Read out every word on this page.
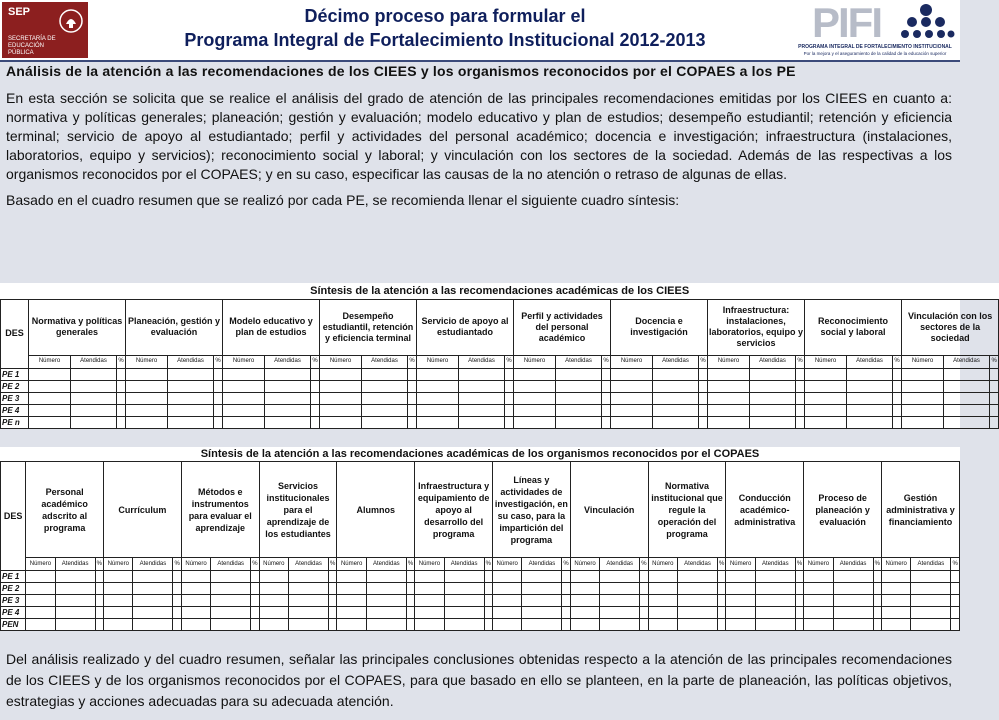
SEP
SECRETARÍA DE EDUCACIÓN PÚBLICA
Décimo proceso para formular el
Programa Integral de Fortalecimiento Institucional 2012-2013	PIFI
PROGRAMA INTEGRAL DE FORTALECIMIENTO INSTITUCIONAL
Por la mejora y el aseguramiento de la calidad de la educación superior
Análisis de la atención a las recomendaciones de los CIEES y los organismos reconocidos por el COPAES a los PE
En esta sección se solicita que se realice el análisis del grado de atención de las principales recomendaciones emitidas por los CIEES en cuanto a: normativa y políticas generales; planeación; gestión y evaluación; modelo educativo y plan de estudios; desempeño estudiantil; retención y eficiencia terminal; servicio de apoyo al estudiantado; perfil y actividades del personal académico; docencia e investigación; infraestructura (instalaciones, laboratorios, equipo y servicios); reconocimiento social y laboral; y vinculación con los sectores de la sociedad. Además de las respectivas a los organismos reconocidos por el COPAES; y en su caso, especificar las causas de la no atención o retraso de algunas de ellas.
Basado en el cuadro resumen que se realizó por cada PE, se recomienda llenar el siguiente cuadro síntesis:
Síntesis de la atención a las recomendaciones académicas de los CIEES																														
DES	Normativa y políticas generales			Planeación, gestión y evaluación			Modelo educativo y plan de estudios			Desempeño estudiantil, retención y eficiencia terminal			Servicio de apoyo al estudiantado			Perfil y actividades del personal académico			Docencia e investigación			Infraestructura: instalaciones, laboratorios, equipo y servicios			Reconocimiento social y laboral			Vinculación con los sectores de la sociedad		
	Número	Atendidas	%	Número	Atendidas	%	Número	Atendidas	%	Número	Atendidas	%	Número	Atendidas	%	Número	Atendidas	%	Número	Atendidas	%	Número	Atendidas	%	Número	Atendidas	%	Número	Atendidas	%
PE 1																														
PE 2																														
PE 3																														
PE 4																														
PE n																														
Síntesis de la atención a las recomendaciones académicas de los organismos reconocidos por el COPAES																																				
DES	Personal académico adscrito al programa			Currículum			Métodos e instrumentos para evaluar el aprendizaje			Servicios institucionales para el aprendizaje de los estudiantes			Alumnos			Infraestructura y equipamiento de apoyo al desarrollo del programa			Líneas y actividades de investigación, en su caso, para la impartición del programa			Vinculación			Normativa institucional que regule la operación del programa			Conducción académico-administrativa			Proceso de planeación y evaluación			Gestión administrativa y financiamiento		
	Número	Atendidas	%	Número	Atendidas	%	Número	Atendidas	%	Número	Atendidas	%	Número	Atendidas	%	Número	Atendidas	%	Número	Atendidas	%	Número	Atendidas	%	Número	Atendidas	%	Número	Atendidas	%	Número	Atendidas	%	Número	Atendidas	%
PE 1																																				
PE 2																																				
PE 3																																				
PE 4																																				
PEN																																				
Del análisis realizado y del cuadro resumen, señalar las principales conclusiones obtenidas respecto a la atención de las principales recomendaciones de los CIEES y de los organismos reconocidos por el COPAES, para que basado en ello se planteen, en la parte de planeación, las políticas objetivos, estrategias y acciones adecuadas para su adecuada atención.
